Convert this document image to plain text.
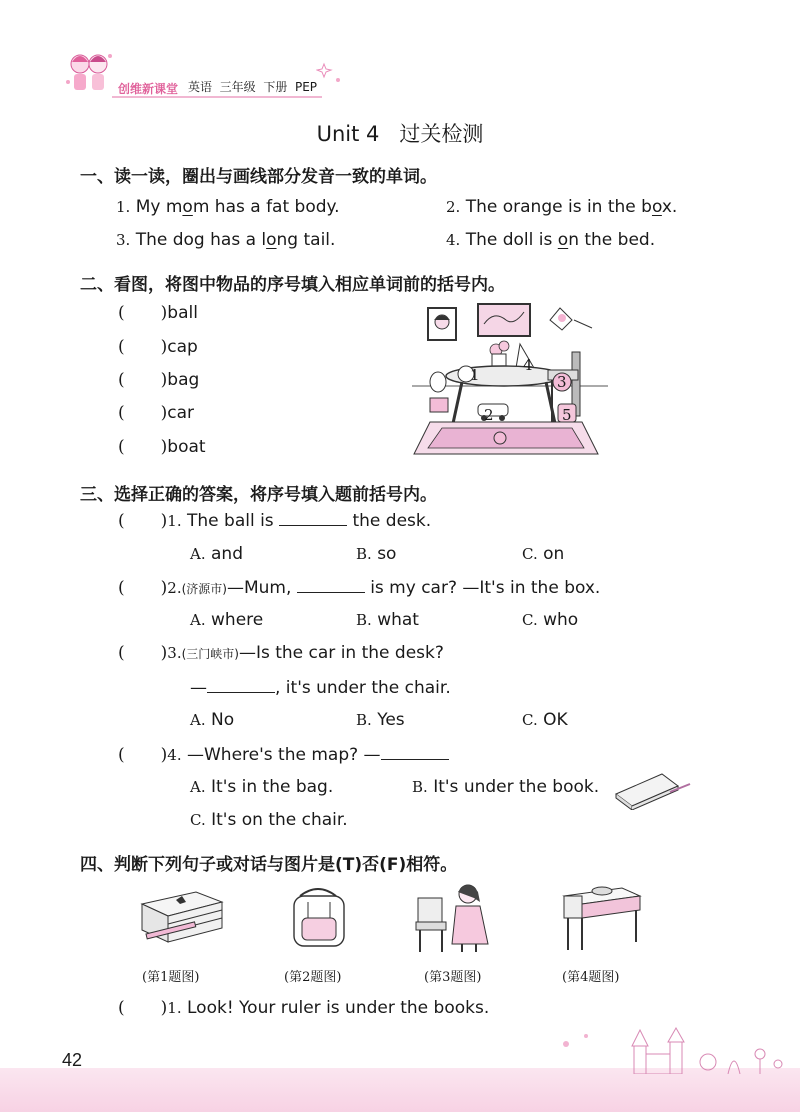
创维新课堂 英语 三年级 下册 PEP
Unit 4   过关检测
一、读一读，圈出与画线部分发音一致的单词。
1. My mom has a fat body.	2. The orange is in the box.
3. The dog has a long tail.	4. The doll is on the bed.
二、看图，将图中物品的序号填入相应单词前的括号内。
( )ball
( )cap
( )bag
( )car
( )boat
1
2
3
4
5
三、选择正确的答案，将序号填入题前括号内。
( )1. The ball is	the desk.
A. and	B. so	C. on
( )2.(济源市)—Mum,	is my car? —It's in the box.
A. where	B. what	C. who
( )3.(三门峡市)—Is the car in the desk?
—	, it's under the chair.
A. No	B. Yes	C. OK
( )4. —Where's the map? —
A. It's in the bag.	B. It's under the book.
C. It's on the chair.
四、判断下列句子或对话与图片是(T)否(F)相符。
(第1题图)	(第2题图)	(第3题图)	(第4题图)
( )1. Look! Your ruler is under the books.
42
